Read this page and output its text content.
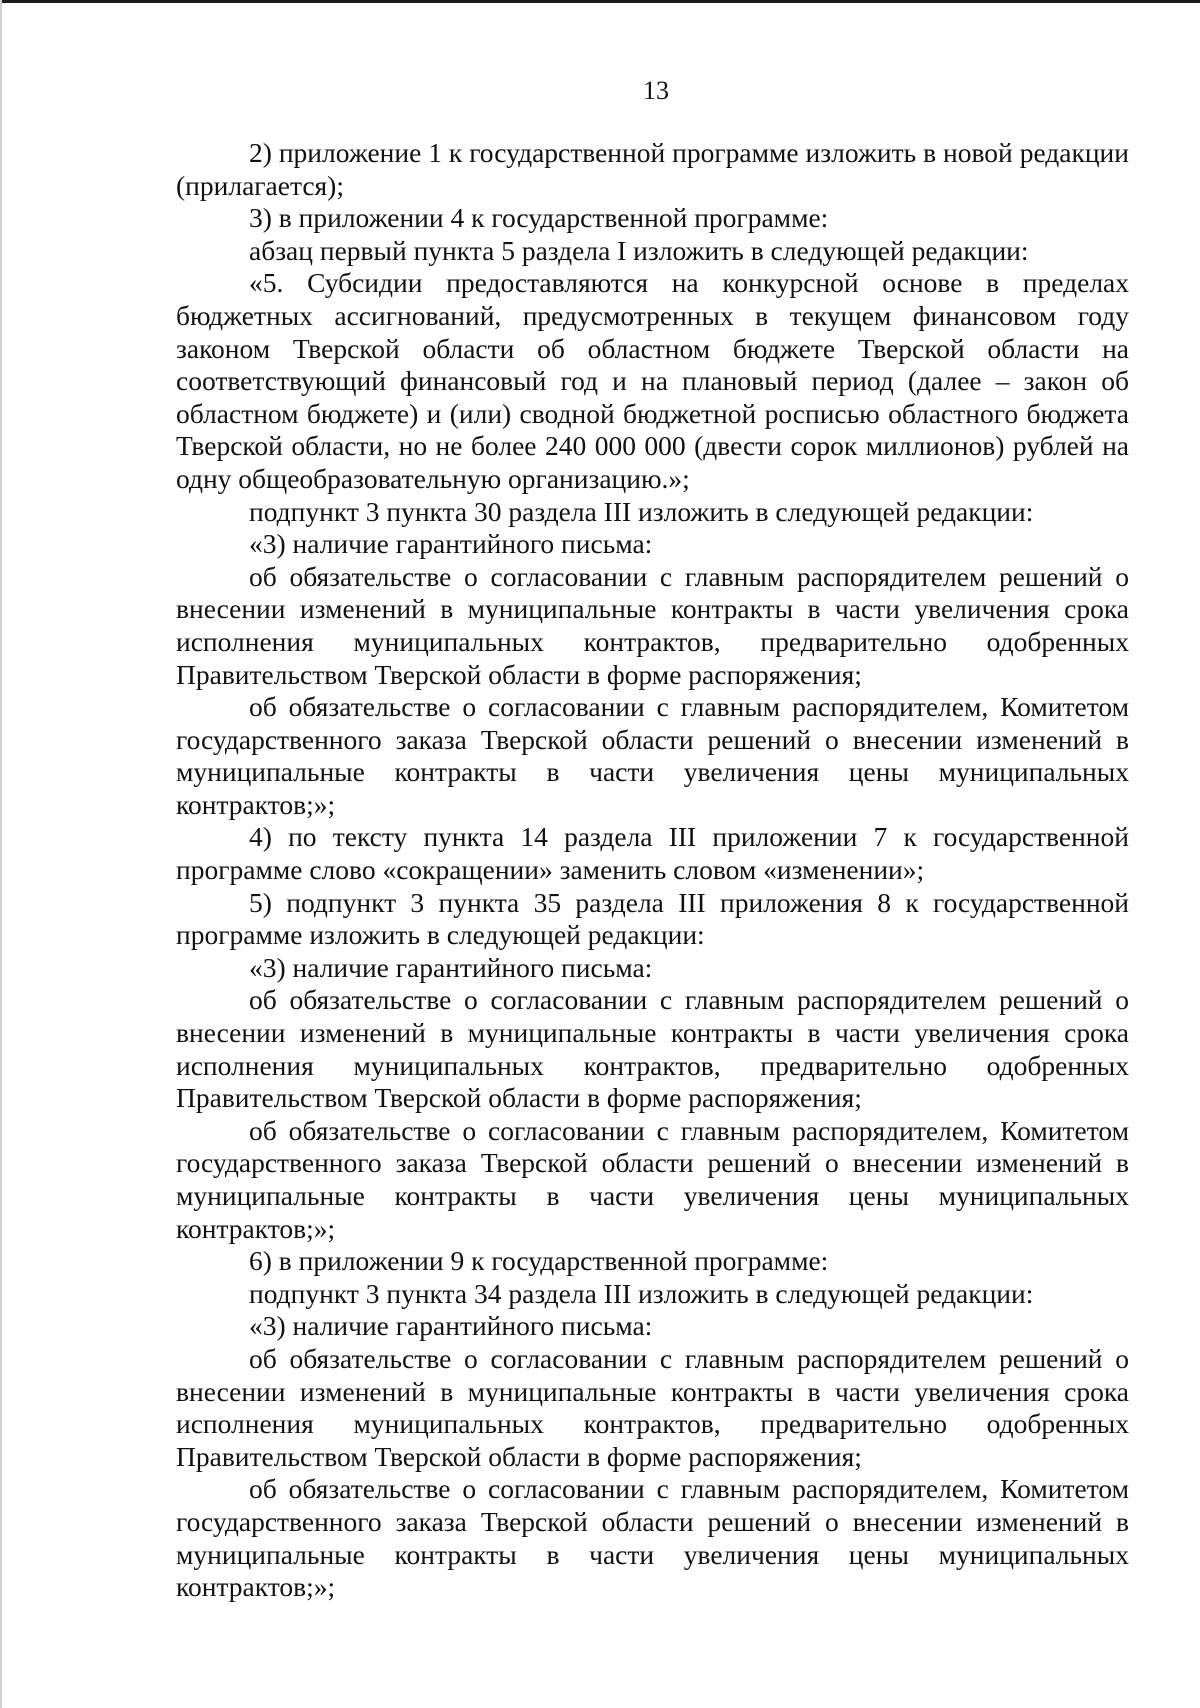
13

2) приложение 1 к государственной программе изложить в новой редакции (прилагается);

3) в приложении 4 к государственной программе:

абзац первый пункта 5 раздела I изложить в следующей редакции:

«5. Субсидии предоставляются на конкурсной основе в пределах бюджетных ассигнований, предусмотренных в текущем финансовом году законом Тверской области об областном бюджете Тверской области на соответствующий финансовый год и на плановый период (далее – закон об областном бюджете) и (или) сводной бюджетной росписью областного бюджета Тверской области, но не более 240 000 000 (двести сорок миллионов) рублей на одну общеобразовательную организацию.»;

подпункт 3 пункта 30 раздела III изложить в следующей редакции:

«3) наличие гарантийного письма:

об обязательстве о согласовании с главным распорядителем решений о внесении изменений в муниципальные контракты в части увеличения срока исполнения муниципальных контрактов, предварительно одобренных Правительством Тверской области в форме распоряжения;

об обязательстве о согласовании с главным распорядителем, Комитетом государственного заказа Тверской области решений о внесении изменений в муниципальные контракты в части увеличения цены муниципальных контрактов;»;

4) по тексту пункта 14 раздела III приложении 7 к государственной программе слово «сокращении» заменить словом «изменении»;

5) подпункт 3 пункта 35 раздела III приложения 8 к государственной программе изложить в следующей редакции:

«3) наличие гарантийного письма:

об обязательстве о согласовании с главным распорядителем решений о внесении изменений в муниципальные контракты в части увеличения срока исполнения муниципальных контрактов, предварительно одобренных Правительством Тверской области в форме распоряжения;

об обязательстве о согласовании с главным распорядителем, Комитетом государственного заказа Тверской области решений о внесении изменений в муниципальные контракты в части увеличения цены муниципальных контрактов;»;

6) в приложении 9 к государственной программе:

подпункт 3 пункта 34 раздела III изложить в следующей редакции:

«3) наличие гарантийного письма:

об обязательстве о согласовании с главным распорядителем решений о внесении изменений в муниципальные контракты в части увеличения срока исполнения муниципальных контрактов, предварительно одобренных Правительством Тверской области в форме распоряжения;

об обязательстве о согласовании с главным распорядителем, Комитетом государственного заказа Тверской области решений о внесении изменений в муниципальные контракты в части увеличения цены муниципальных контрактов;»;
